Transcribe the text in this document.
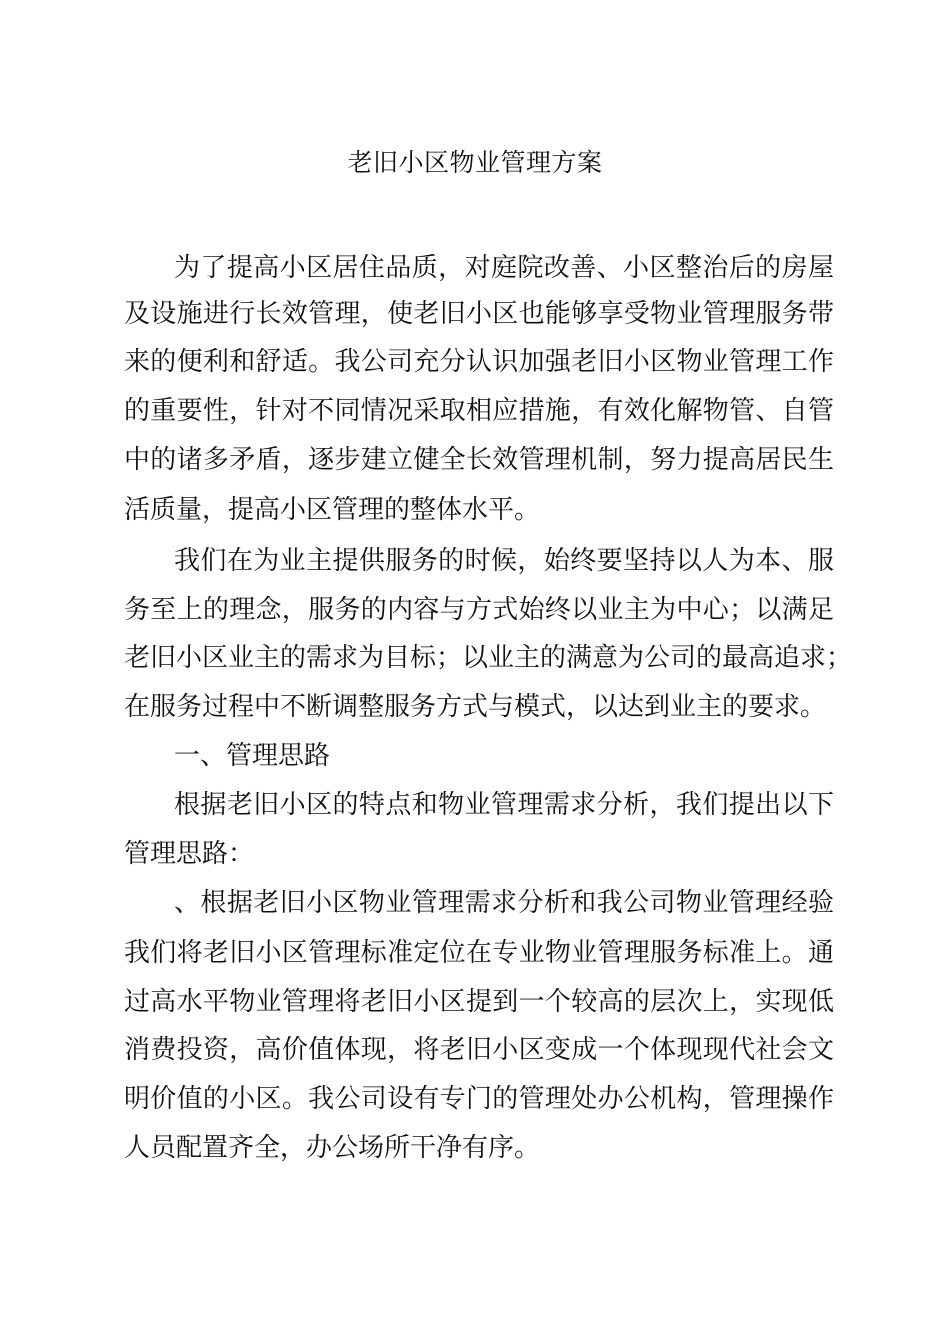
老旧小区物业管理方案
为了提高小区居住品质，对庭院改善、小区整治后的房屋
及设施进行长效管理，使老旧小区也能够享受物业管理服务带
来的便利和舒适。我公司充分认识加强老旧小区物业管理工作
的重要性，针对不同情况采取相应措施，有效化解物管、自管
中的诸多矛盾，逐步建立健全长效管理机制，努力提高居民生
活质量，提高小区管理的整体水平。
我们在为业主提供服务的时候，始终要坚持以人为本、服
务至上的理念，服务的内容与方式始终以业主为中心；以满足
老旧小区业主的需求为目标；以业主的满意为公司的最高追求；
在服务过程中不断调整服务方式与模式，以达到业主的要求。
一、管理思路
根据老旧小区的特点和物业管理需求分析，我们提出以下
管理思路：
、根据老旧小区物业管理需求分析和我公司物业管理经验
我们将老旧小区管理标准定位在专业物业管理服务标准上。通
过高水平物业管理将老旧小区提到一个较高的层次上，实现低
消费投资，高价值体现，将老旧小区变成一个体现现代社会文
明价值的小区。我公司设有专门的管理处办公机构，管理操作
人员配置齐全，办公场所干净有序。
